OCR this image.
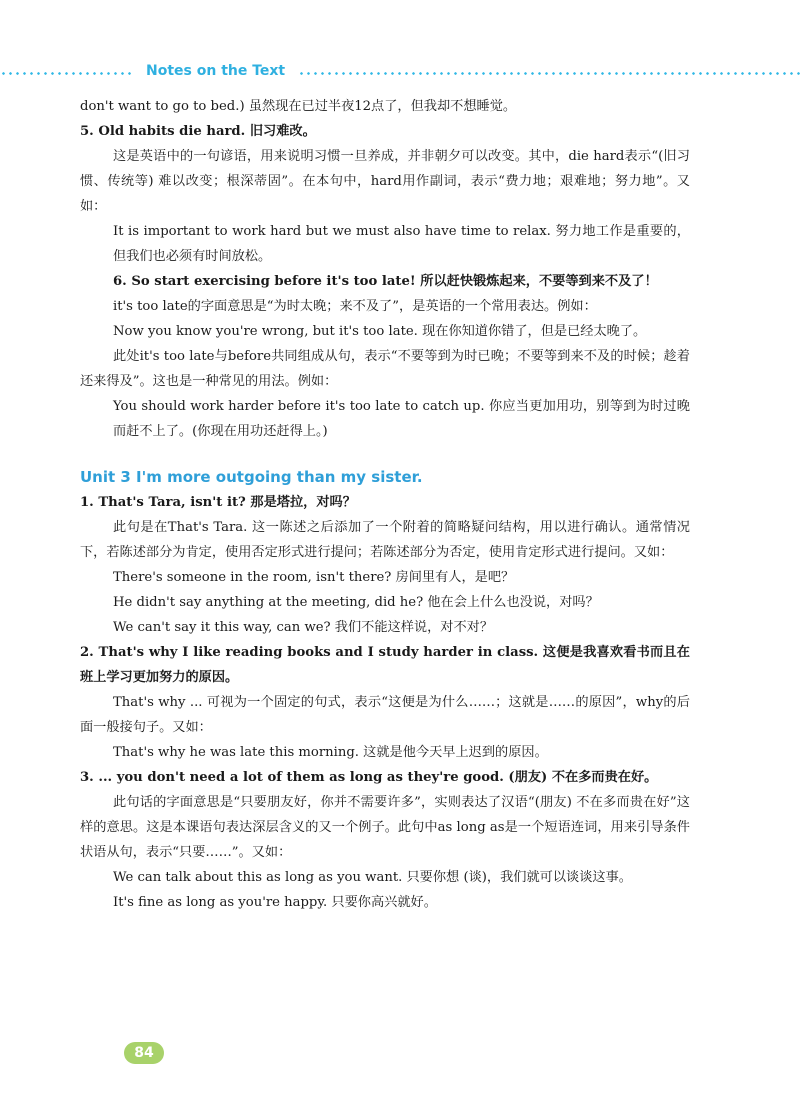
Notes on the Text
don't want to go to bed.) 虽然现在已过半夜12点了，但我却不想睡觉。
5. Old habits die hard. 旧习难改。
这是英语中的一句谚语，用来说明习惯一旦养成，并非朝夕可以改变。其中，die hard表示“(旧习惯、传统等) 难以改变；根深蒂固”。在本句中，hard用作副词，表示“费力地；艰难地；努力地”。又如：
It is important to work hard but we must also have time to relax. 努力地工作是重要的，但我们也必须有时间放松。
6. So start exercising before it's too late! 所以赶快锻炼起来，不要等到来不及了！
it's too late的字面意思是“为时太晚；来不及了”，是英语的一个常用表达。例如：
Now you know you're wrong, but it's too late. 现在你知道你错了，但是已经太晚了。
此处it's too late与before共同组成从句，表示“不要等到为时已晚；不要等到来不及的时候；趁着还来得及”。这也是一种常见的用法。例如：
You should work harder before it's too late to catch up. 你应当更加用功，别等到为时过晚而赶不上了。(你现在用功还赶得上。)
Unit 3 I'm more outgoing than my sister.
1. That's Tara, isn't it? 那是塔拉，对吗？
此句是在That's Tara. 这一陈述之后添加了一个附着的简略疑问结构，用以进行确认。通常情况下，若陈述部分为肯定，使用否定形式进行提问；若陈述部分为否定，使用肯定形式进行提问。又如：
There's someone in the room, isn't there? 房间里有人，是吧？
He didn't say anything at the meeting, did he? 他在会上什么也没说，对吗？
We can't say it this way, can we? 我们不能这样说，对不对？
2. That's why I like reading books and I study harder in class. 这便是我喜欢看书而且在班上学习更加努力的原因。
That's why ... 可视为一个固定的句式，表示“这便是为什么……；这就是……的原因”，why的后面一般接句子。又如：
That's why he was late this morning. 这就是他今天早上迟到的原因。
3. ... you don't need a lot of them as long as they're good. (朋友) 不在多而贵在好。
此句话的字面意思是“只要朋友好，你并不需要许多”，实则表达了汉语“(朋友) 不在多而贵在好”这样的意思。这是本课语句表达深层含义的又一个例子。此句中as long as是一个短语连词，用来引导条件状语从句，表示“只要……”。又如：
We can talk about this as long as you want. 只要你想 (谈)，我们就可以谈谈这事。
It's fine as long as you're happy. 只要你高兴就好。
84
